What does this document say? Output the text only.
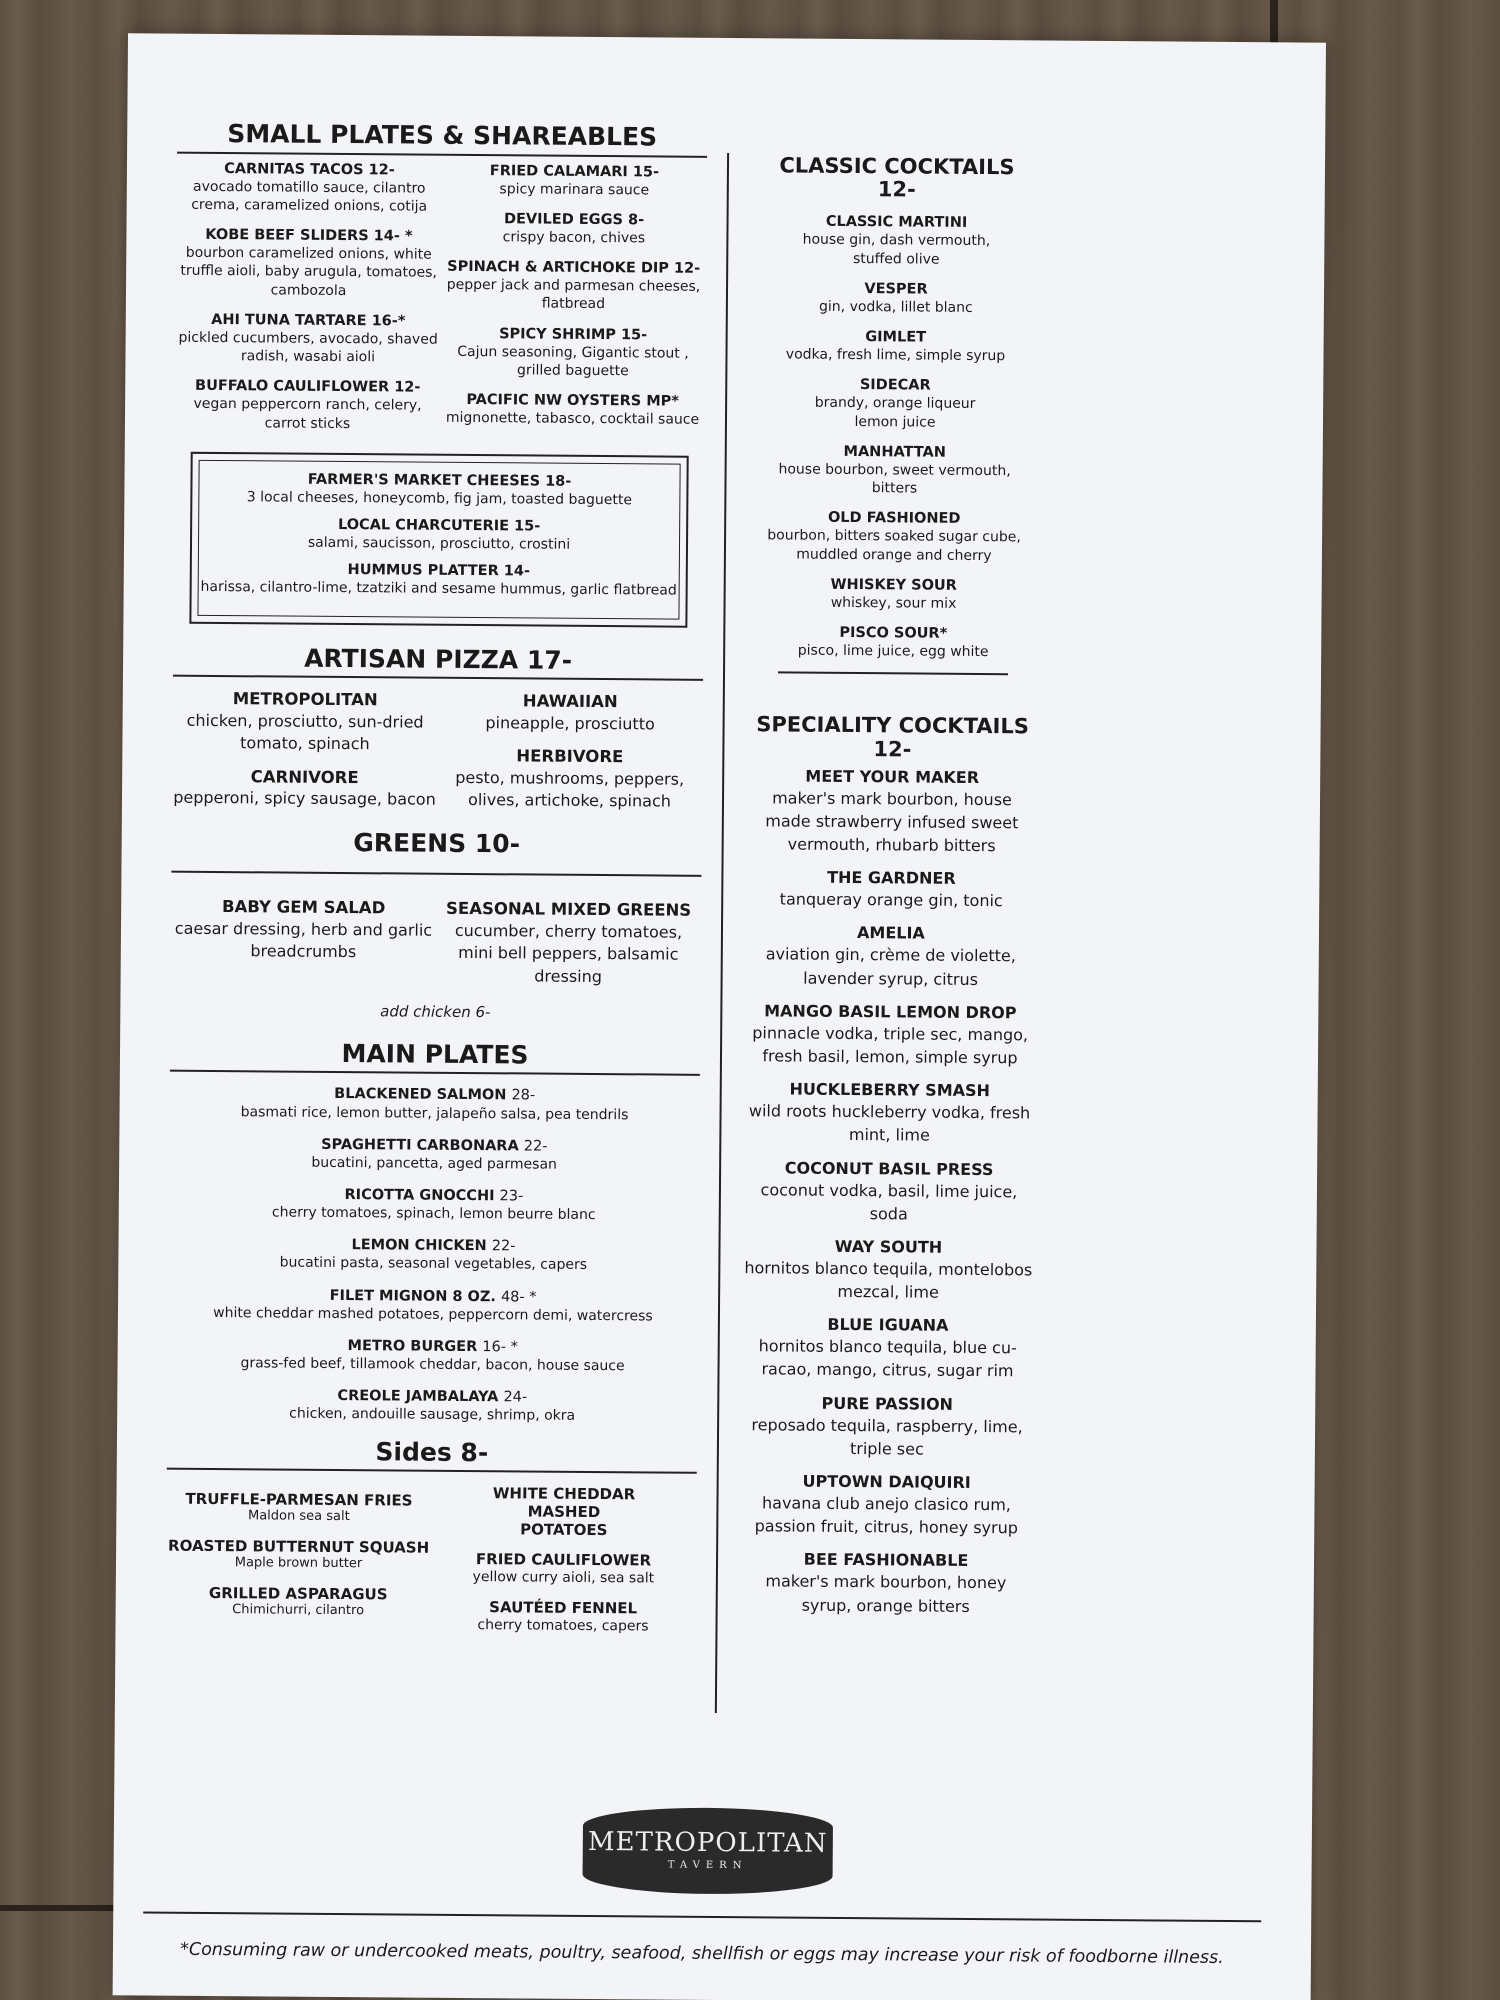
SMALL PLATES & SHAREABLES
CARNITAS TACOS 12-
avocado tomatillo sauce, cilantro crema, caramelized onions, cotija
KOBE BEEF SLIDERS 14- *
bourbon caramelized onions, white truffle aioli, baby arugula, tomatoes, cambozola
AHI TUNA TARTARE 16-*
pickled cucumbers, avocado, shaved radish, wasabi aioli
BUFFALO CAULIFLOWER 12-
vegan peppercorn ranch, celery, carrot sticks
FRIED CALAMARI 15-
spicy marinara sauce
DEVILED EGGS 8-
crispy bacon, chives
SPINACH & ARTICHOKE DIP 12-
pepper jack and parmesan cheeses, flatbread
SPICY SHRIMP 15-
Cajun seasoning, Gigantic stout , grilled baguette
PACIFIC NW OYSTERS MP*
mignonette, tabasco, cocktail sauce
FARMER'S MARKET CHEESES 18-
3 local cheeses, honeycomb, fig jam, toasted baguette
LOCAL CHARCUTERIE 15-
salami, saucisson, prosciutto, crostini
HUMMUS PLATTER 14-
harissa, cilantro-lime, tzatziki and sesame hummus, garlic flatbread
ARTISAN PIZZA 17-
METROPOLITAN
chicken, prosciutto, sun-dried tomato, spinach
CARNIVORE
pepperoni, spicy sausage, bacon
HAWAIIAN
pineapple, prosciutto
HERBIVORE
pesto, mushrooms, peppers, olives, artichoke, spinach
GREENS 10-
BABY GEM SALAD
caesar dressing, herb and garlic breadcrumbs
SEASONAL MIXED GREENS
cucumber, cherry tomatoes, mini bell peppers, balsamic dressing
add chicken 6-
MAIN PLATES
BLACKENED SALMON 28-
basmati rice, lemon butter, jalapeño salsa, pea tendrils
SPAGHETTI CARBONARA 22-
bucatini, pancetta, aged parmesan
RICOTTA GNOCCHI 23-
cherry tomatoes, spinach, lemon beurre blanc
LEMON CHICKEN 22-
bucatini pasta, seasonal vegetables, capers
FILET MIGNON 8 OZ. 48- *
white cheddar mashed potatoes, peppercorn demi, watercress
METRO BURGER 16- *
grass-fed beef, tillamook cheddar, bacon, house sauce
CREOLE JAMBALAYA 24-
chicken, andouille sausage, shrimp, okra
Sides 8-
TRUFFLE-PARMESAN FRIES
Maldon sea salt
ROASTED BUTTERNUT SQUASH
Maple brown butter
GRILLED ASPARAGUS
Chimichurri, cilantro
WHITE CHEDDAR MASHED POTATOES
FRIED CAULIFLOWER
yellow curry aioli, sea salt
SAUTÉED FENNEL
cherry tomatoes, capers
CLASSIC COCKTAILS
12-
CLASSIC MARTINI
house gin, dash vermouth, stuffed olive
VESPER
gin, vodka, lillet blanc
GIMLET
vodka, fresh lime, simple syrup
SIDECAR
brandy, orange liqueur lemon juice
MANHATTAN
house bourbon, sweet vermouth, bitters
OLD FASHIONED
bourbon, bitters soaked sugar cube, muddled orange and cherry
WHISKEY SOUR
whiskey, sour mix
PISCO SOUR*
pisco, lime juice, egg white
SPECIALITY COCKTAILS
12-
MEET YOUR MAKER
maker's mark bourbon, house made strawberry infused sweet vermouth, rhubarb bitters
THE GARDNER
tanqueray orange gin, tonic
AMELIA
aviation gin, crème de violette, lavender syrup, citrus
MANGO BASIL LEMON DROP
pinnacle vodka, triple sec, mango, fresh basil, lemon, simple syrup
HUCKLEBERRY SMASH
wild roots huckleberry vodka, fresh mint, lime
COCONUT BASIL PRESS
coconut vodka, basil, lime juice, soda
WAY SOUTH
hornitos blanco tequila, montelobos mezcal, lime
BLUE IGUANA
hornitos blanco tequila, blue cu-racao, mango, citrus, sugar rim
PURE PASSION
reposado tequila, raspberry, lime, triple sec
UPTOWN DAIQUIRI
havana club anejo clasico rum, passion fruit, citrus, honey syrup
BEE FASHIONABLE
maker's mark bourbon, honey syrup, orange bitters
METROPOLITAN
TAVERN
*Consuming raw or undercooked meats, poultry, seafood, shellfish or eggs may increase your risk of foodborne illness.
